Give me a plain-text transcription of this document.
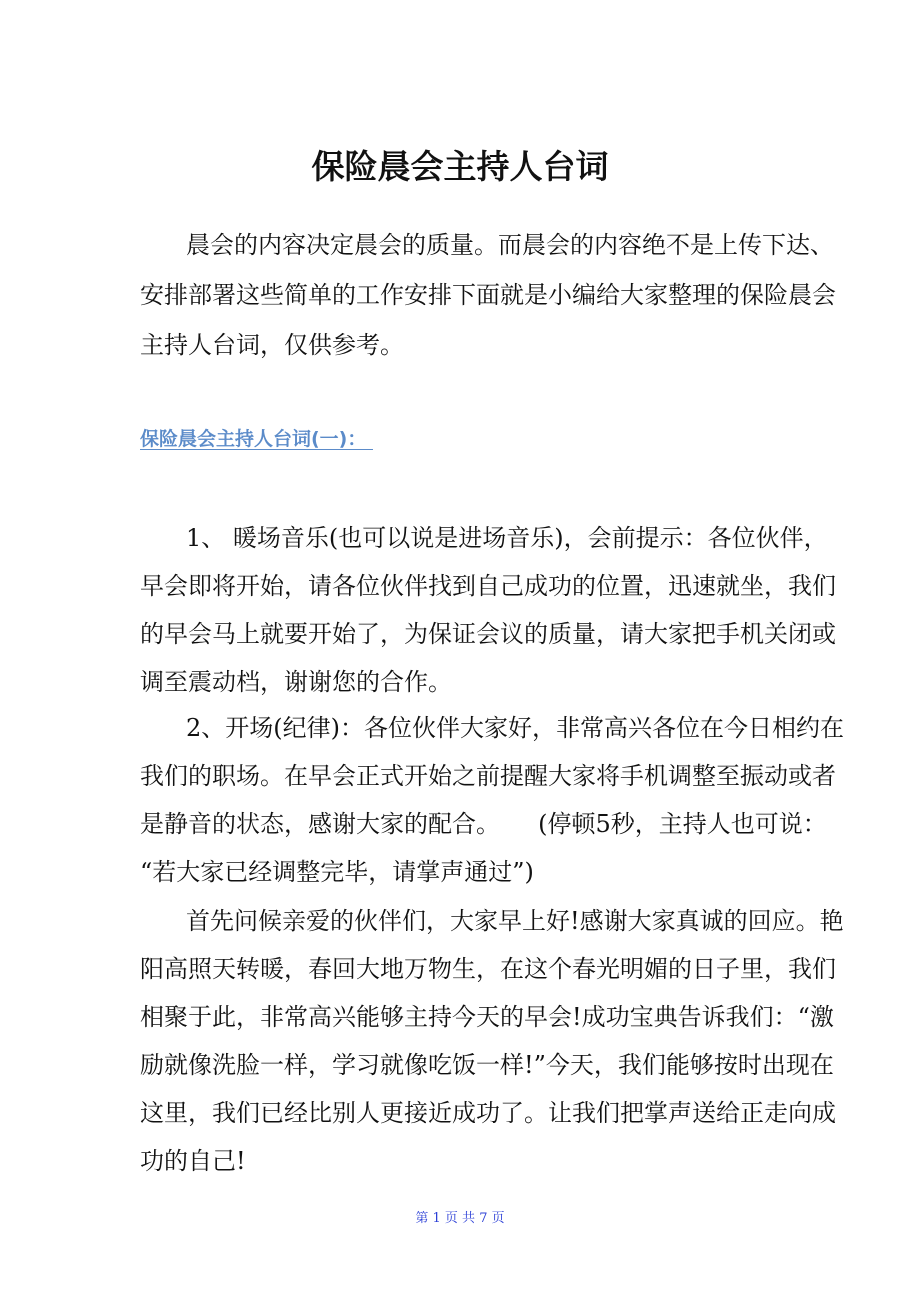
保险晨会主持人台词
晨会的内容决定晨会的质量。而晨会的内容绝不是上传下达、
安排部署这些简单的工作安排下面就是小编给大家整理的保险晨会
主持人台词，仅供参考。
保险晨会主持人台词(一)：
1、 暖场音乐(也可以说是进场音乐)，会前提示：各位伙伴，
早会即将开始，请各位伙伴找到自己成功的位置，迅速就坐，我们
的早会马上就要开始了，为保证会议的质量，请大家把手机关闭或
调至震动档，谢谢您的合作。
2、开场(纪律)：各位伙伴大家好，非常高兴各位在今日相约在
我们的职场。在早会正式开始之前提醒大家将手机调整至振动或者
是静音的状态，感谢大家的配合。     (停顿5秒，主持人也可说：
“若大家已经调整完毕，请掌声通过”)
首先问候亲爱的伙伴们，大家早上好!感谢大家真诚的回应。艳
阳高照天转暖，春回大地万物生，在这个春光明媚的日子里，我们
相聚于此，非常高兴能够主持今天的早会!成功宝典告诉我们：“激
励就像洗脸一样，学习就像吃饭一样!”今天，我们能够按时出现在
这里，我们已经比别人更接近成功了。让我们把掌声送给正走向成
功的自己!
第 1 页 共 7 页
